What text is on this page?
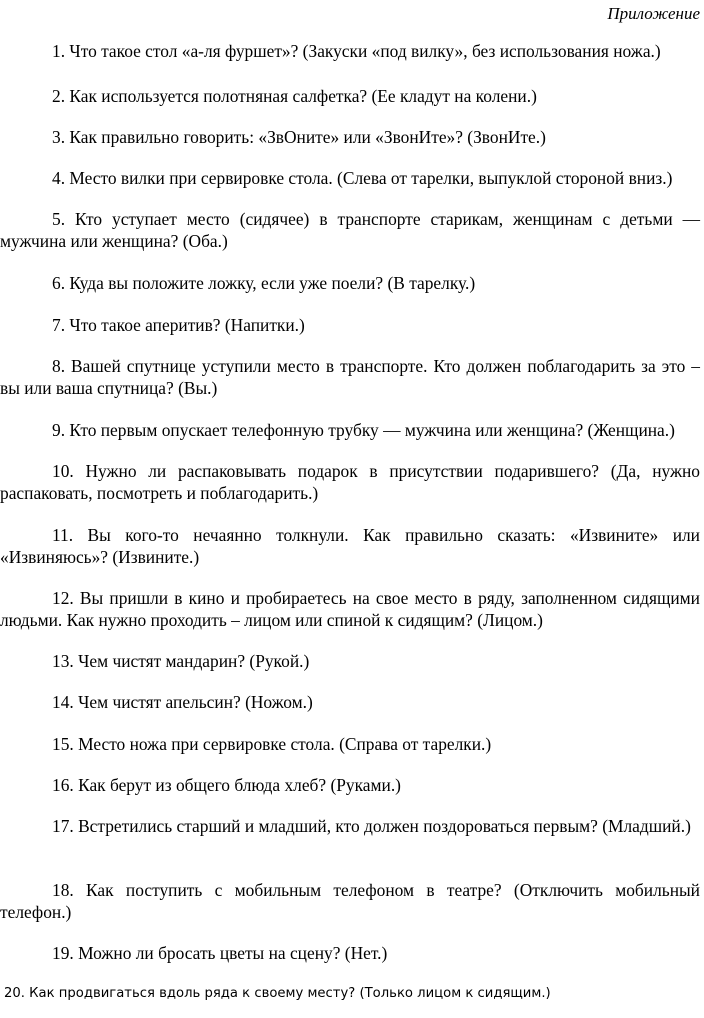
Приложение

1. Что такое стол «а-ля фуршет»? (Закуски «под вилку», без использования ножа.)

2. Как используется полотняная салфетка? (Ее кладут на колени.)

3. Как правильно говорить: «ЗвОните» или «ЗвонИте»? (ЗвонИте.)

4. Место вилки при сервировке стола. (Слева от тарелки, выпуклой стороной вниз.)

5. Кто уступает место (сидячее) в транспорте старикам, женщинам с детьми — мужчина или женщина? (Оба.)

6. Куда вы положите ложку, если уже поели? (В тарелку.)

7. Что такое аперитив? (Напитки.)

8. Вашей спутнице уступили место в транспорте. Кто должен поблагодарить за это – вы или ваша спутница? (Вы.)

9. Кто первым опускает телефонную трубку — мужчина или женщина? (Женщина.)

10. Нужно ли распаковывать подарок в присутствии подарившего? (Да, нужно распаковать, посмотреть и поблагодарить.)

11. Вы кого-то нечаянно толкнули. Как правильно сказать: «Извините» или «Извиняюсь»? (Извините.)

12. Вы пришли в кино и пробираетесь на свое место в ряду, заполненном сидящими людьми. Как нужно проходить – лицом или спиной к сидящим? (Лицом.)

13. Чем чистят мандарин? (Рукой.)

14. Чем чистят апельсин? (Ножом.)

15. Место ножа при сервировке стола. (Справа от тарелки.)

16. Как берут из общего блюда хлеб? (Руками.)

17. Встретились старший и младший, кто должен поздороваться первым? (Младший.)

18. Как поступить с мобильным телефоном в театре? (Отключить мобильный телефон.)

19. Можно ли бросать цветы на сцену? (Нет.)

20. Как продвигаться вдоль ряда к своему месту? (Только лицом к сидящим.)
